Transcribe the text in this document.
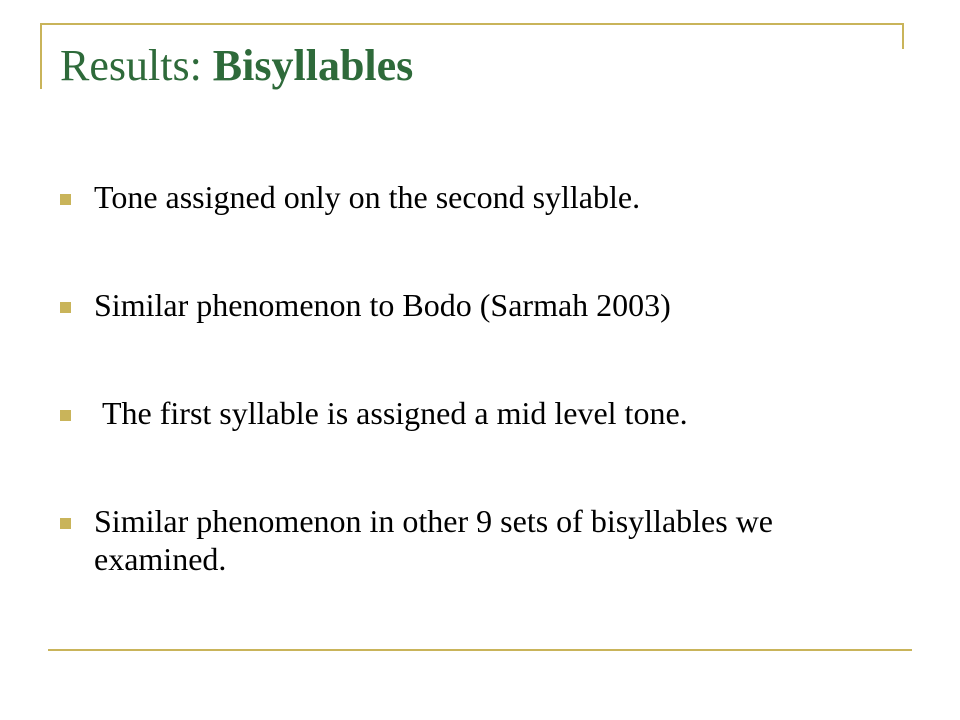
Results: Bisyllables
Tone assigned only on the second syllable.
Similar phenomenon to Bodo (Sarmah 2003)
The first syllable is assigned a mid level tone.
Similar phenomenon in other 9 sets of bisyllables we examined.
